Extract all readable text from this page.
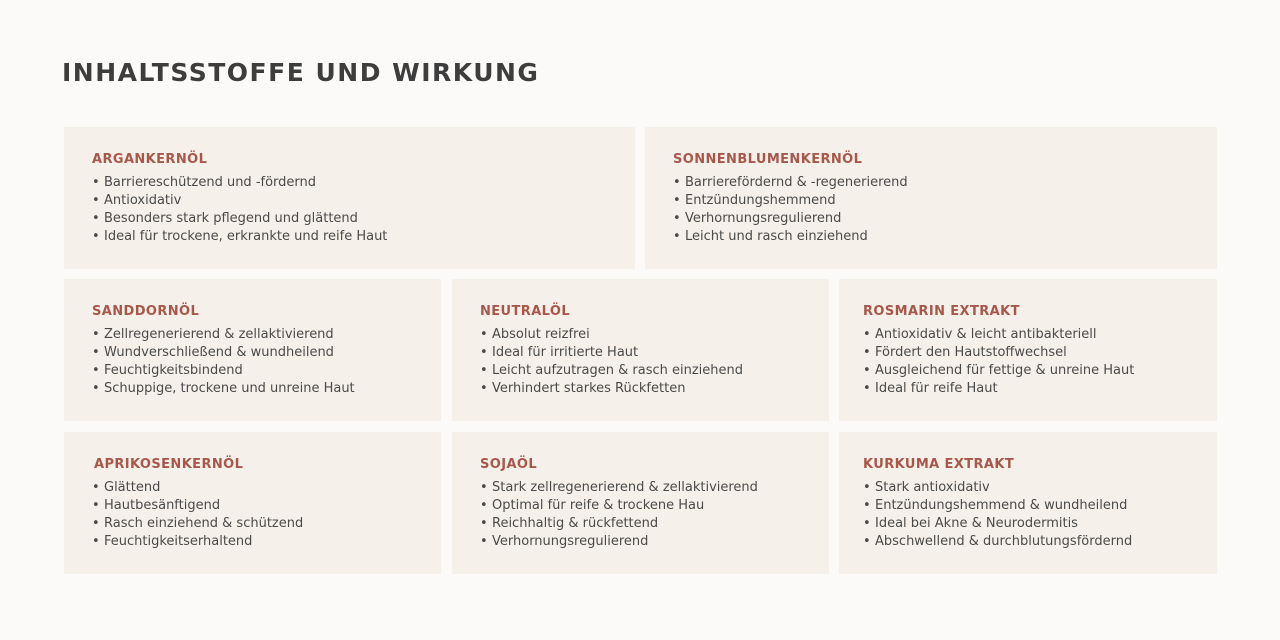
INHALTSSTOFFE UND WIRKUNG
ARGANKERNÖL
• Barriereschützend und -fördernd
• Antioxidativ
• Besonders stark pflegend und glättend
• Ideal für trockene, erkrankte und reife Haut
SONNENBLUMENKERNÖL
• Barrierefördernd & -regenerierend
• Entzündungshemmend
• Verhornungsregulierend
• Leicht und rasch einziehend
SANDDORNÖL
• Zellregenerierend & zellaktivierend
• Wundverschließend & wundheilend
• Feuchtigkeitsbindend
• Schuppige, trockene und unreine Haut
NEUTRALÖL
• Absolut reizfrei
• Ideal für irritierte Haut
• Leicht aufzutragen & rasch einziehend
• Verhindert starkes Rückfetten
ROSMARIN EXTRAKT
• Antioxidativ & leicht antibakteriell
• Fördert den Hautstoffwechsel
• Ausgleichend für fettige & unreine Haut
• Ideal für reife Haut
APRIKOSENKERNÖL
• Glättend
• Hautbesänftigend
• Rasch einziehend & schützend
• Feuchtigkeitserhaltend
SOJAÖL
• Stark zellregenerierend & zellaktivierend
• Optimal für reife & trockene Hau
• Reichhaltig & rückfettend
• Verhornungsregulierend
KURKUMA EXTRAKT
• Stark antioxidativ
• Entzündungshemmend & wundheilend
• Ideal bei Akne & Neurodermitis
• Abschwellend & durchblutungsfördernd
